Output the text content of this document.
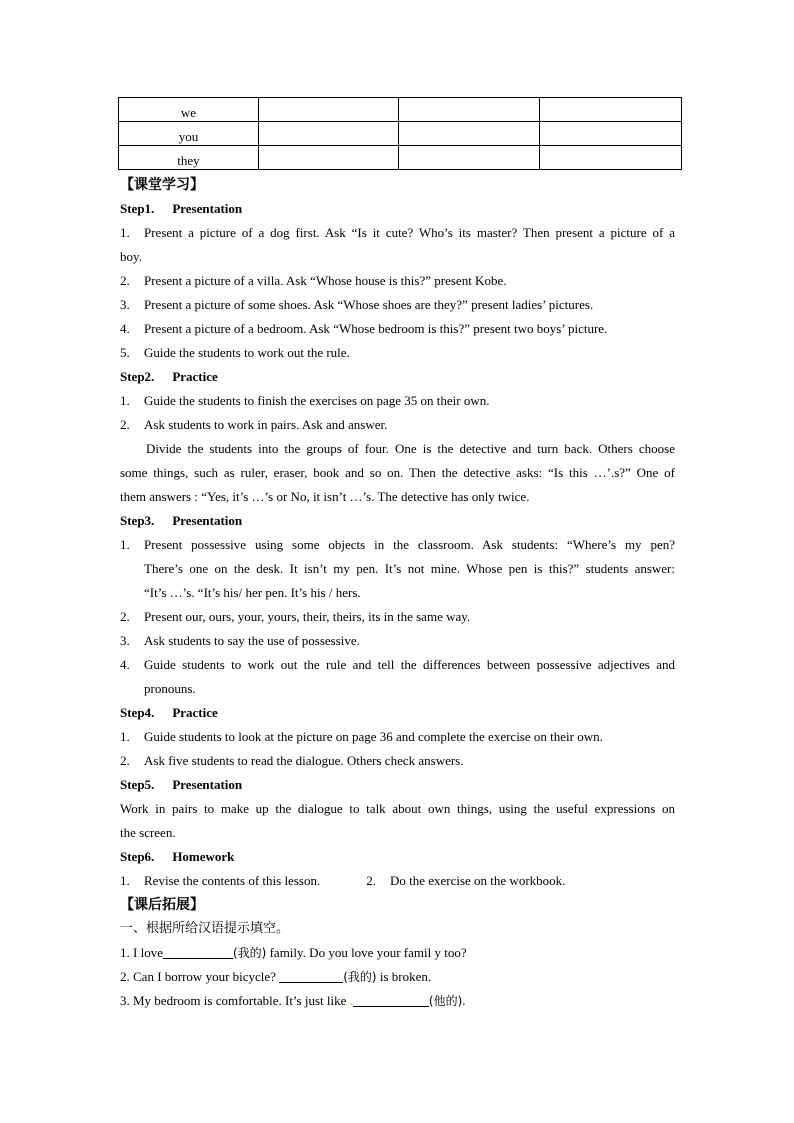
we			
you			
they			
【课堂学习】
Step1. Presentation
1. Present a picture of a dog first. Ask “Is it cute? Who’s its master? Then present a picture of a
boy.
2. Present a picture of a villa. Ask “Whose house is this?” present Kobe.
3. Present a picture of some shoes. Ask “Whose shoes are they?” present ladies’ pictures.
4. Present a picture of a bedroom. Ask “Whose bedroom is this?” present two boys’ picture.
5. Guide the students to work out the rule.
Step2. Practice
1. Guide the students to finish the exercises on page 35 on their own.
2. Ask students to work in pairs. Ask and answer.
Divide the students into the groups of four. One is the detective and turn back. Others choose
some things, such as ruler, eraser, book and so on. Then the detective asks: “Is this …’.s?” One of
them answers : “Yes, it’s …’s or No, it isn’t …’s. The detective has only twice.
Step3. Presentation
1. Present possessive using some objects in the classroom. Ask students: “Where’s my pen?
There’s one on the desk. It isn’t my pen. It’s not mine. Whose pen is this?” students answer:
“It’s …’s. “It’s his/ her pen. It’s his / hers.
2. Present our, ours, your, yours, their, theirs, its in the same way.
3. Ask students to say the use of possessive.
4. Guide students to work out the rule and tell the differences between possessive adjectives and
pronouns.
Step4. Practice
1. Guide students to look at the picture on page 36 and complete the exercise on their own.
2. Ask five students to read the dialogue. Others check answers.
Step5. Presentation
Work in pairs to make up the dialogue to talk about own things, using the useful expressions on
the screen.
Step6. Homework
1. Revise the contents of this lesson.	2. Do the exercise on the workbook.
【课后拓展】
一、根据所给汉语提示填空。
1. I love	(我的) family. Do you love your famil y too?
2. Can I borrow your bicycle?	(我的) is broken.
3. My bedroom is comfortable. It’s just like .	(他的).
